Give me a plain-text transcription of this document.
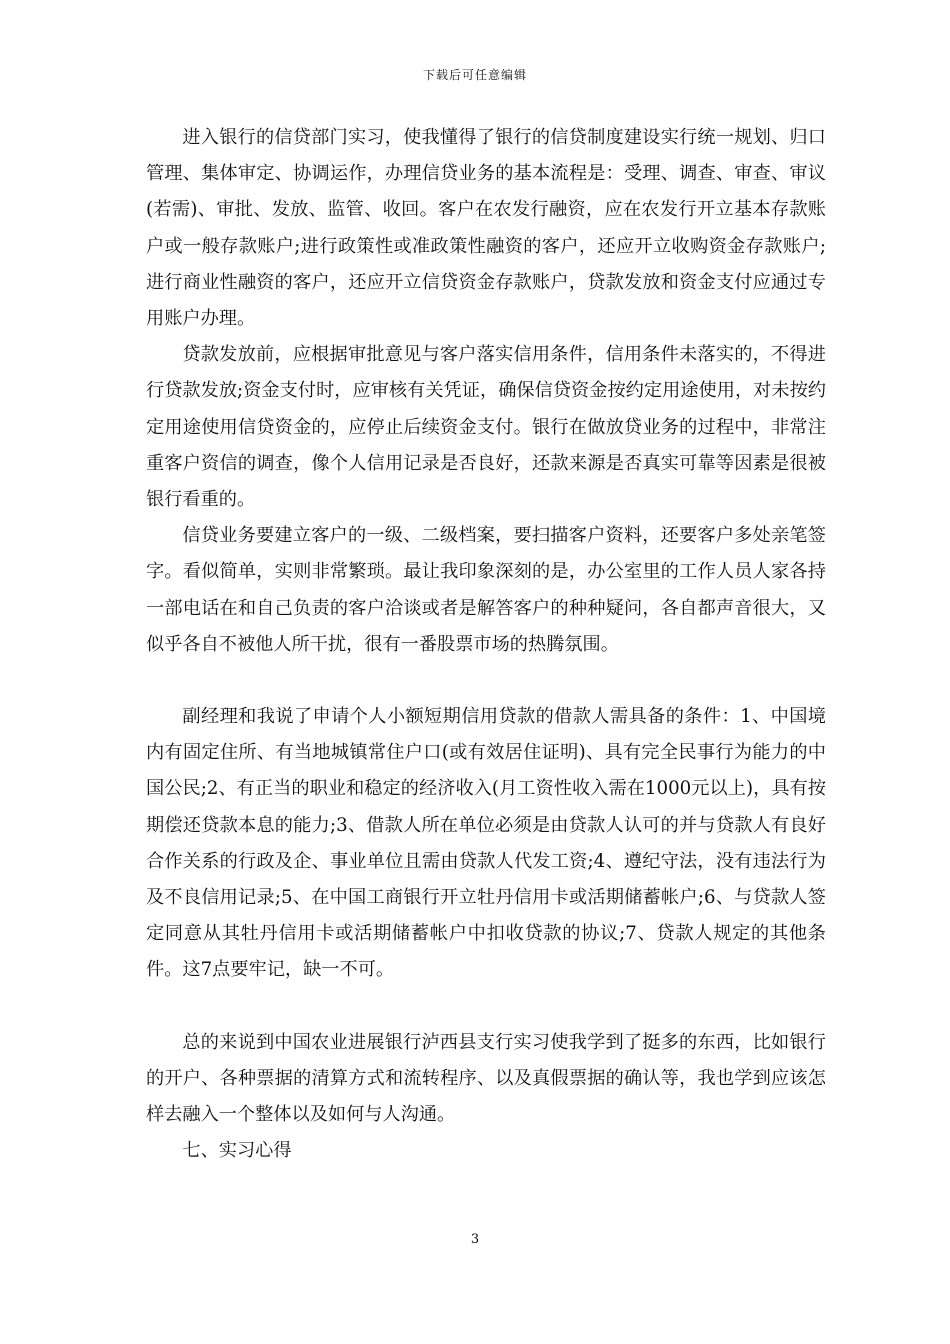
下载后可任意编辑

进入银行的信贷部门实习，使我懂得了银行的信贷制度建设实行统一规划、归口管理、集体审定、协调运作，办理信贷业务的基本流程是：受理、调查、审查、审议(若需)、审批、发放、监管、收回。客户在农发行融资，应在农发行开立基本存款账户或一般存款账户;进行政策性或准政策性融资的客户，还应开立收购资金存款账户;进行商业性融资的客户，还应开立信贷资金存款账户，贷款发放和资金支付应通过专用账户办理。

贷款发放前，应根据审批意见与客户落实信用条件，信用条件未落实的，不得进行贷款发放;资金支付时，应审核有关凭证，确保信贷资金按约定用途使用，对未按约定用途使用信贷资金的，应停止后续资金支付。银行在做放贷业务的过程中，非常注重客户资信的调查，像个人信用记录是否良好，还款来源是否真实可靠等因素是很被银行看重的。

信贷业务要建立客户的一级、二级档案，要扫描客户资料，还要客户多处亲笔签字。看似简单，实则非常繁琐。最让我印象深刻的是，办公室里的工作人员人家各持一部电话在和自己负责的客户洽谈或者是解答客户的种种疑问，各自都声音很大，又似乎各自不被他人所干扰，很有一番股票市场的热腾氛围。

副经理和我说了申请个人小额短期信用贷款的借款人需具备的条件：1、中国境内有固定住所、有当地城镇常住户口(或有效居住证明)、具有完全民事行为能力的中国公民;2、有正当的职业和稳定的经济收入(月工资性收入需在1000元以上)，具有按期偿还贷款本息的能力;3、借款人所在单位必须是由贷款人认可的并与贷款人有良好合作关系的行政及企、事业单位且需由贷款人代发工资;4、遵纪守法，没有违法行为及不良信用记录;5、在中国工商银行开立牡丹信用卡或活期储蓄帐户;6、与贷款人签定同意从其牡丹信用卡或活期储蓄帐户中扣收贷款的协议;7、贷款人规定的其他条件。这7点要牢记，缺一不可。

总的来说到中国农业进展银行泸西县支行实习使我学到了挺多的东西，比如银行的开户、各种票据的清算方式和流转程序、以及真假票据的确认等，我也学到应该怎样去融入一个整体以及如何与人沟通。

七、实习心得

3
